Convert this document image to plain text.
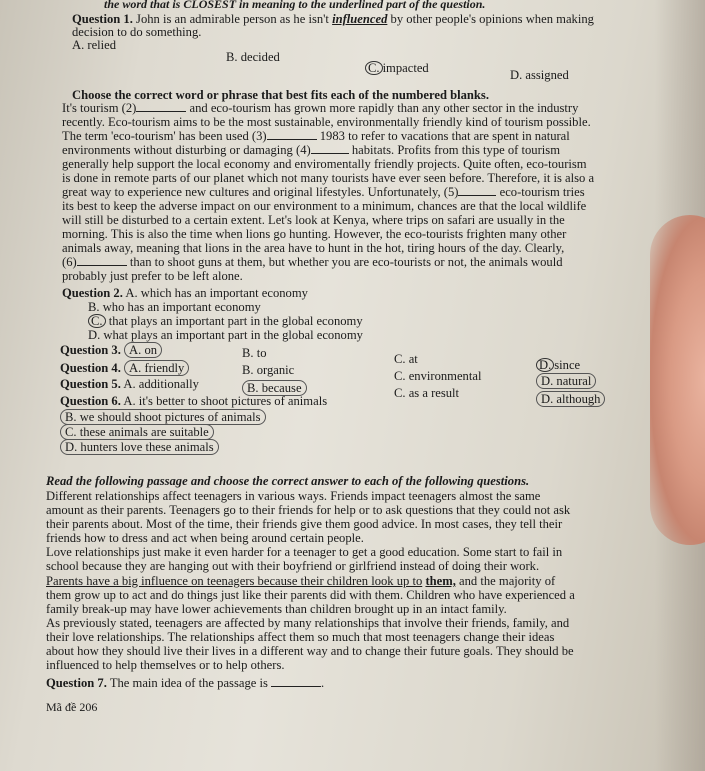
the word that is CLOSEST in meaning to the underlined part of the question.
Question 1. John is an admirable person as he isn't influenced by other people's opinions when making
decision to do something.
A. relied
B. decided
C. impacted	D. assigned
Choose the correct word or phrase that best fits each of the numbered blanks.
It's tourism (2)	and eco-tourism has grown more rapidly than any other sector in the industry
recently. Eco-tourism aims to be the most sustainable, environmentally friendly kind of tourism possible.
The term 'eco-tourism' has been used (3)	1983 to refer to vacations that are spent in natural
environments without disturbing or damaging (4)	habitats. Profits from this type of tourism
generally help support the local economy and enviromentally friendly projects. Quite often, eco-tourism
is done in remote parts of our planet which not many tourists have ever seen before. Therefore, it is also a
great way to experience new cultures and original lifestyles. Unfortunately, (5)	eco-tourism tries
its best to keep the adverse impact on our environment to a minimum, chances are that the local wildlife
will still be disturbed to a certain extent. Let's look at Kenya, where trips on safari are usually in the
morning. This is also the time when lions go hunting. However, the eco-tourists frighten many other
animals away, meaning that lions in the area have to hunt in the hot, tiring hours of the day. Clearly,
(6)	than to shoot guns at them, but whether you are eco-tourists or not, the animals would
probably just prefer to be left alone.
Question 2. A. which has an important economy
B. who has an important economy
C. that plays an important part in the global economy
D. what plays an important part in the global economy
Question 3. A. on	B. to	C. at	D. since
Question 4. A. friendly	B. organic	C. environmental	D. natural
Question 5. A. additionally	B. because	C. as a result	D. although
Question 6. A. it's better to shoot pictures of animals
B. we should shoot pictures of animals
C. these animals are suitable
D. hunters love these animals
Read the following passage and choose the correct answer to each of the following questions.
Different relationships affect teenagers in various ways. Friends impact teenagers almost the same
amount as their parents. Teenagers go to their friends for help or to ask questions that they could not ask
their parents about. Most of the time, their friends give them good advice. In most cases, they tell their
friends how to dress and act when being around certain people.
Love relationships just make it even harder for a teenager to get a good education. Some start to fail in
school because they are hanging out with their boyfriend or girlfriend instead of doing their work.
Parents have a big influence on teenagers because their children look up to them, and the majority of
them grow up to act and do things just like their parents did with them. Children who have experienced a
family break-up may have lower achievements than children brought up in an intact family.
As previously stated, teenagers are affected by many relationships that involve their friends, family, and
their love relationships. The relationships affect them so much that most teenagers change their ideas
about how they should live their lives in a different way and to change their future goals. They should be
influenced to help themselves or to help others.
Question 7. The main idea of the passage is	.
Mã đề 206
